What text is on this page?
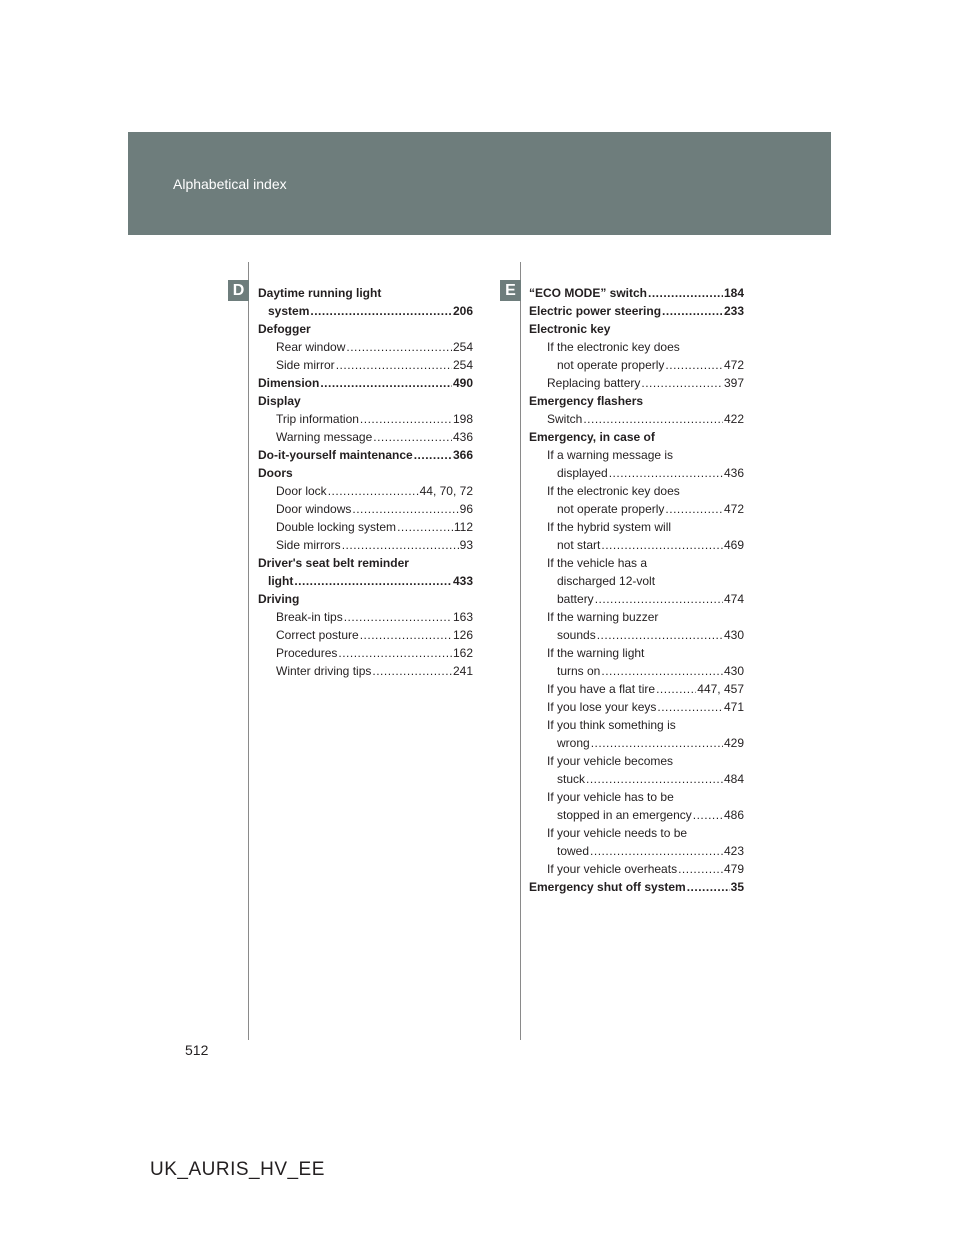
Alphabetical index
D	E
Daytime running light
system .....	206
Defogger
Rear window .....	254
Side mirror .....	254
Dimension .....	490
Display
Trip information .....	198
Warning message .....	436
Do-it-yourself maintenance .....	366
Doors
Door lock .....	44, 70, 72
Door windows .....	96
Double locking system .....	112
Side mirrors .....	93
Driver's seat belt reminder
light .....	433
Driving
Break-in tips .....	163
Correct posture .....	126
Procedures .....	162
Winter driving tips .....	241
“ECO MODE” switch .....	184
Electric power steering .....	233
Electronic key
If the electronic key does
not operate properly .....	472
Replacing battery .....	397
Emergency flashers
Switch .....	422
Emergency, in case of
If a warning message is
displayed .....	436
If the electronic key does
not operate properly .....	472
If the hybrid system will
not start .....	469
If the vehicle has a
discharged 12-volt
battery .....	474
If the warning buzzer
sounds .....	430
If the warning light
turns on .....	430
If you have a flat tire .....	447, 457
If you lose your keys .....	471
If you think something is
wrong .....	429
If your vehicle becomes
stuck .....	484
If your vehicle has to be
stopped in an emergency .....	486
If your vehicle needs to be
towed .....	423
If your vehicle overheats .....	479
Emergency shut off system .....	35
512
UK_AURIS_HV_EE
